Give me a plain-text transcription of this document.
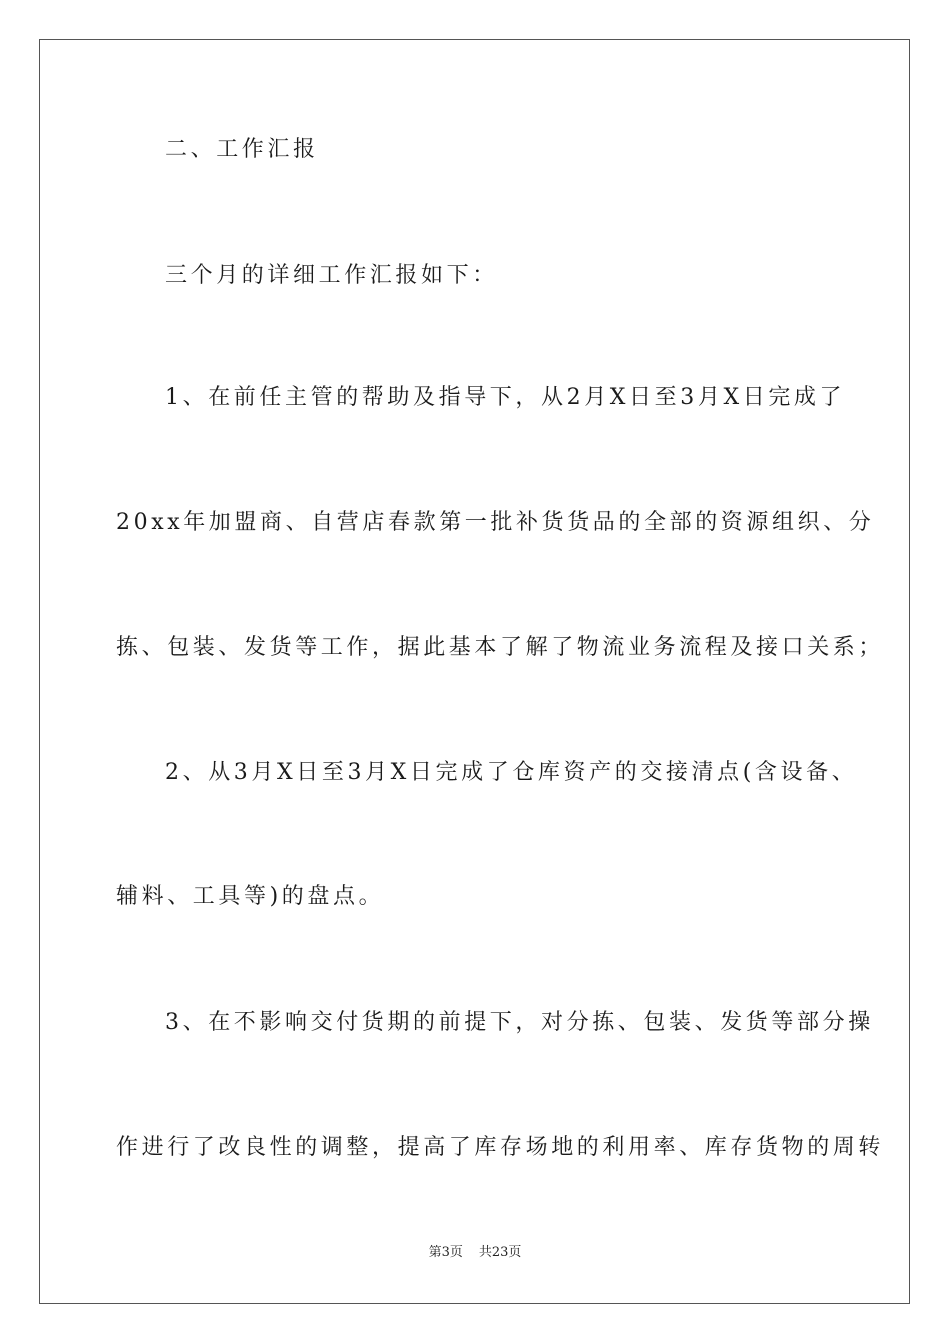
二、工作汇报
三个月的详细工作汇报如下：
1、在前任主管的帮助及指导下，从2月X日至3月X日完成了
20xx年加盟商、自营店春款第一批补货货品的全部的资源组织、分
拣、包装、发货等工作，据此基本了解了物流业务流程及接口关系；
2、从3月X日至3月X日完成了仓库资产的交接清点(含设备、
辅料、工具等)的盘点。
3、在不影响交付货期的前提下，对分拣、包装、发货等部分操
作进行了改良性的调整，提高了库存场地的利用率、库存货物的周转
第3页 共23页
